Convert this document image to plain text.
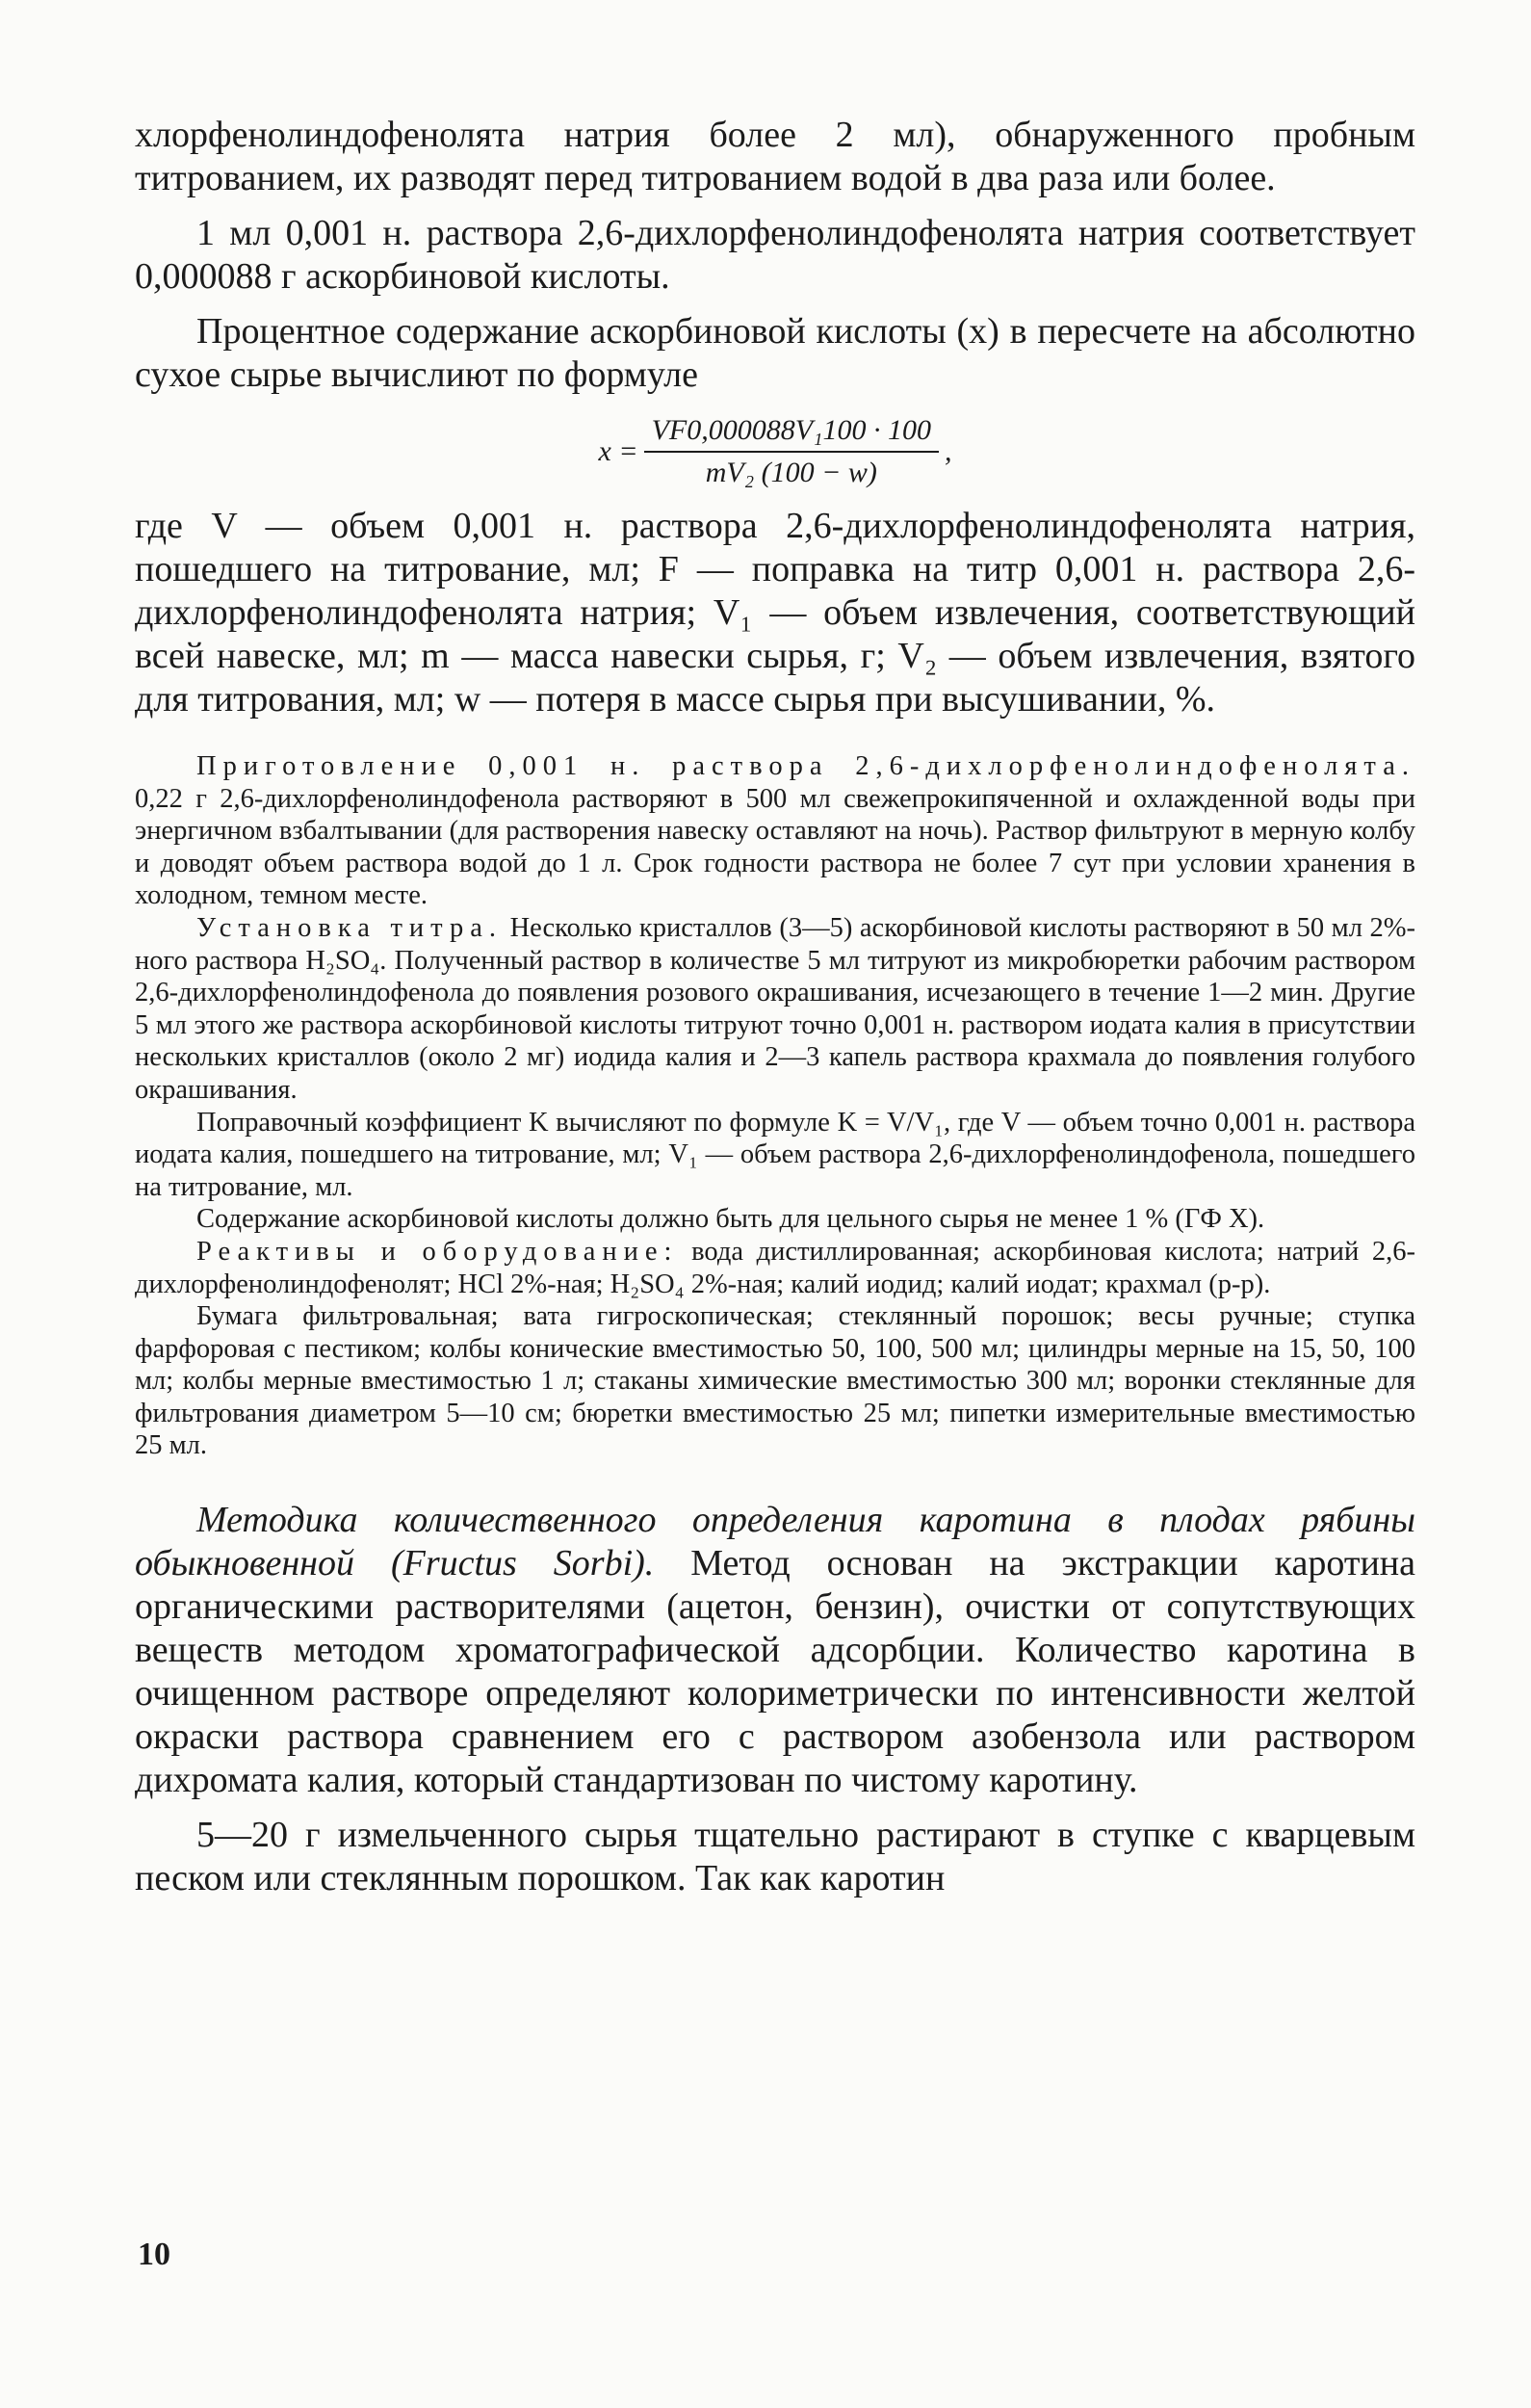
хлорфенолиндофенолята натрия более 2 мл), обнаруженного пробным титрованием, их разводят перед титрованием водой в два раза или более.

1 мл 0,001 н. раствора 2,6-дихлорфенолиндофенолята натрия соответствует 0,000088 г аскорбиновой кислоты.

Процентное содержание аскорбиновой кислоты (x) в пересчете на абсолютно сухое сырье вычислиют по формуле

$x = \frac{\text{VF0,000088V₁100 · 100}}{\text{mV₂ (100 − w)}}$ ,

где V — объем 0,001 н. раствора 2,6-дихлорфенолиндофенолята натрия, пошедшего на титрование, мл; F — поправка на титр 0,001 н. раствора 2,6-дихлорфенолиндофенолята натрия; V₁ — объем извлечения, соответствующий всей навеске, мл; m — масса навески сырья, г; V₂ — объем извлечения, взятого для титрования, мл; w — потеря в массе сырья при высушивании, %.

Приготовление 0,001 н. раствора 2,6-дихлорфенолиндофенолята. 0,22 г 2,6-дихлорфенолиндофенола растворяют в 500 мл свежепрокипяченной и охлажденной воды при энергичном взбалтывании (для растворения навеску оставляют на ночь). Раствор фильтруют в мерную колбу и доводят объем раствора водой до 1 л. Срок годности раствора не более 7 сут при условии хранения в холодном, темном месте.

Установка титра. Несколько кристаллов (3—5) аскорбиновой кислоты растворяют в 50 мл 2%-ного раствора H₂SO₄. Полученный раствор в количестве 5 мл титруют из микробюретки рабочим раствором 2,6-дихлорфенолиндофенола до появления розового окрашивания, исчезающего в течение 1—2 мин. Другие 5 мл этого же раствора аскорбиновой кислоты титруют точно 0,001 н. раствором иодата калия в присутствии нескольких кристаллов (около 2 мг) иодида калия и 2—3 капель раствора крахмала до появления голубого окрашивания.

Поправочный коэффициент K вычисляют по формуле K = V/V₁, где V — объем точно 0,001 н. раствора иодата калия, пошедшего на титрование, мл; V₁ — объем раствора 2,6-дихлорфенолиндофенола, пошедшего на титрование, мл.

Содержание аскорбиновой кислоты должно быть для цельного сырья не менее 1 % (ГФ X).

Реактивы и оборудование: вода дистиллированная; аскорбиновая кислота; натрий 2,6-дихлорфенолиндофенолят; HCl 2%-ная; H₂SO₄ 2%-ная; калий иодид; калий иодат; крахмал (р-р).

Бумага фильтровальная; вата гигроскопическая; стеклянный порошок; весы ручные; ступка фарфоровая с пестиком; колбы конические вместимостью 50, 100, 500 мл; цилиндры мерные на 15, 50, 100 мл; колбы мерные вместимостью 1 л; стаканы химические вместимостью 300 мл; воронки стеклянные для фильтрования диаметром 5—10 см; бюретки вместимостью 25 мл; пипетки измерительные вместимостью 25 мл.

Методика количественного определения каротина в плодах рябины обыкновенной (Fructus Sorbi). Метод основан на экстракции каротина органическими растворителями (ацетон, бензин), очистки от сопутствующих веществ методом хроматографической адсорбции. Количество каротина в очищенном растворе определяют колориметрически по интенсивности желтой окраски раствора сравнением его с раствором азобензола или раствором дихромата калия, который стандартизован по чистому каротину.

5—20 г измельченного сырья тщательно растирают в ступке с кварцевым песком или стеклянным порошком. Так как каротин

10
